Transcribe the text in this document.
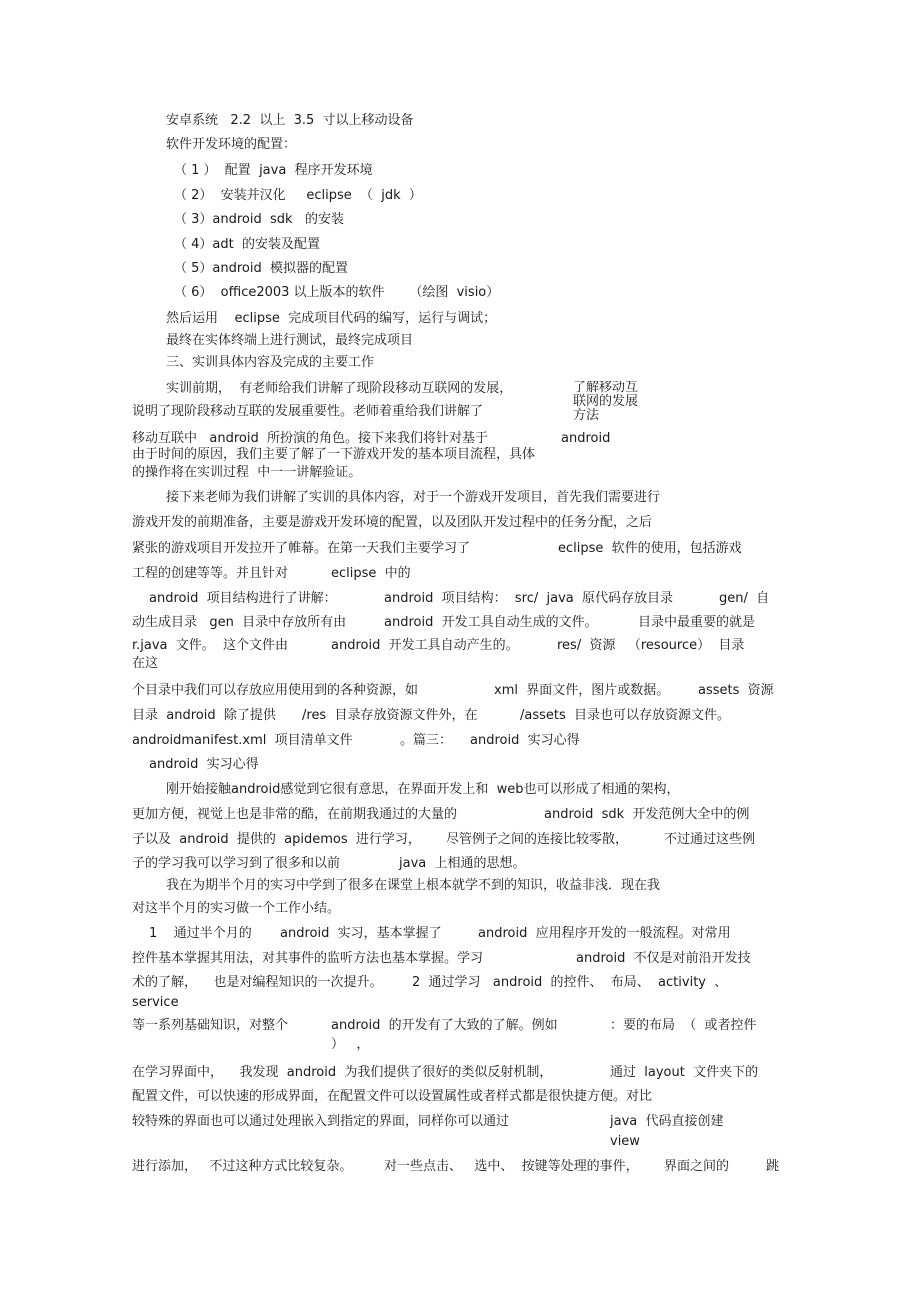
安卓系统   2.2  以上  3.5  寸以上移动设备
软件开发环境的配置：
（ 1 ）  配置  java  程序开发环境
（ 2）  安装并汉化     eclipse  （  jdk  ）
（ 3）android  sdk   的安装
（ 4）adt  的安装及配置
（ 5）android  模拟器的配置
（ 6）  office2003 以上版本的软件      （绘图  visio）
然后运用    eclipse  完成项目代码的编写，运行与调试；
最终在实体终端上进行测试，最终完成项目
三、实训具体内容及完成的主要工作
实训前期，  有老师给我们讲解了现阶段移动互联网的发展，	了解移动互联网的发展方法
说明了现阶段移动互联的发展重要性。老师着重给我们讲解了
移动互联中   android  所扮演的角色。接下来我们将针对基于	android
由于时间的原因，我们主要了解了一下游戏开发的基本项目流程，具体
的操作将在实训过程  中一一讲解验证。
接下来老师为我们讲解了实训的具体内容，对于一个游戏开发项目，首先我们需要进行
游戏开发的前期准备，主要是游戏开发环境的配置，以及团队开发过程中的任务分配，之后
紧张的游戏项目开发拉开了帷幕。在第一天我们主要学习了	eclipse  软件的使用，包括游戏
工程的创建等等。并且针对	eclipse  中的
android  项目结构进行了讲解：	android  项目结构：  src/  java  原代码存放目录	gen/  自
动生成目录   gen  目录中存放所有由	android  开发工具自动生成的文件。	目录中最重要的就是
r.java  文件。  这个文件由	android  开发工具自动产生的。	res/  资源   （resource）  目录
在这
个目录中我们可以存放应用使用到的各种资源，如	xml  界面文件，图片或数据。 assets  资源
目录  android  除了提供 /res  目录存放资源文件外，在	/assets  目录也可以存放资源文件。
androidmanifest.xml  项目清单文件	。篇三： android  实习心得
android  实习心得
刚开始接触android感觉到它很有意思，在界面开发上和  web也可以形成了相通的架构，
更加方便，视觉上也是非常的酷，在前期我通过的大量的	android  sdk  开发范例大全中的例
子以及  android  提供的  apidemos  进行学习， 尽管例子之间的连接比较零散，	不过通过这些例
子的学习我可以学习到了很多和以前	java  上相通的思想。
我在为期半个月的实习中学到了很多在课堂上根本就学不到的知识，收益非浅．现在我
对这半个月的实习做一个工作小结。
1    通过半个月的 android  实习，基本掌握了	android  应用程序开发的一般流程。对常用
控件基本掌握其用法，对其事件的监听方法也基本掌握。学习	android  不仅是对前沿开发技
术的了解，    也是对编程知识的一次提升。 2  通过学习   android  的控件、  布局、  activity  、
service
等一系列基础知识，对整个	android  的开发有了大致的了解。例如	：要的布局  （  或者控件
）   ，
在学习界面中，    我发现  android  为我们提供了很好的类似反射机制，	通过  layout  文件夹下的
配置文件，可以快速的形成界面，在配置文件可以设置属性或者样式都是很快捷方便。对比
较特殊的界面也可以通过处理嵌入到指定的界面，同样你可以通过	java  代码直接创建
view
进行添加，   不过这种方式比较复杂。 对一些点击、   选中、  按键等处理的事件， 界面之间的	跳
